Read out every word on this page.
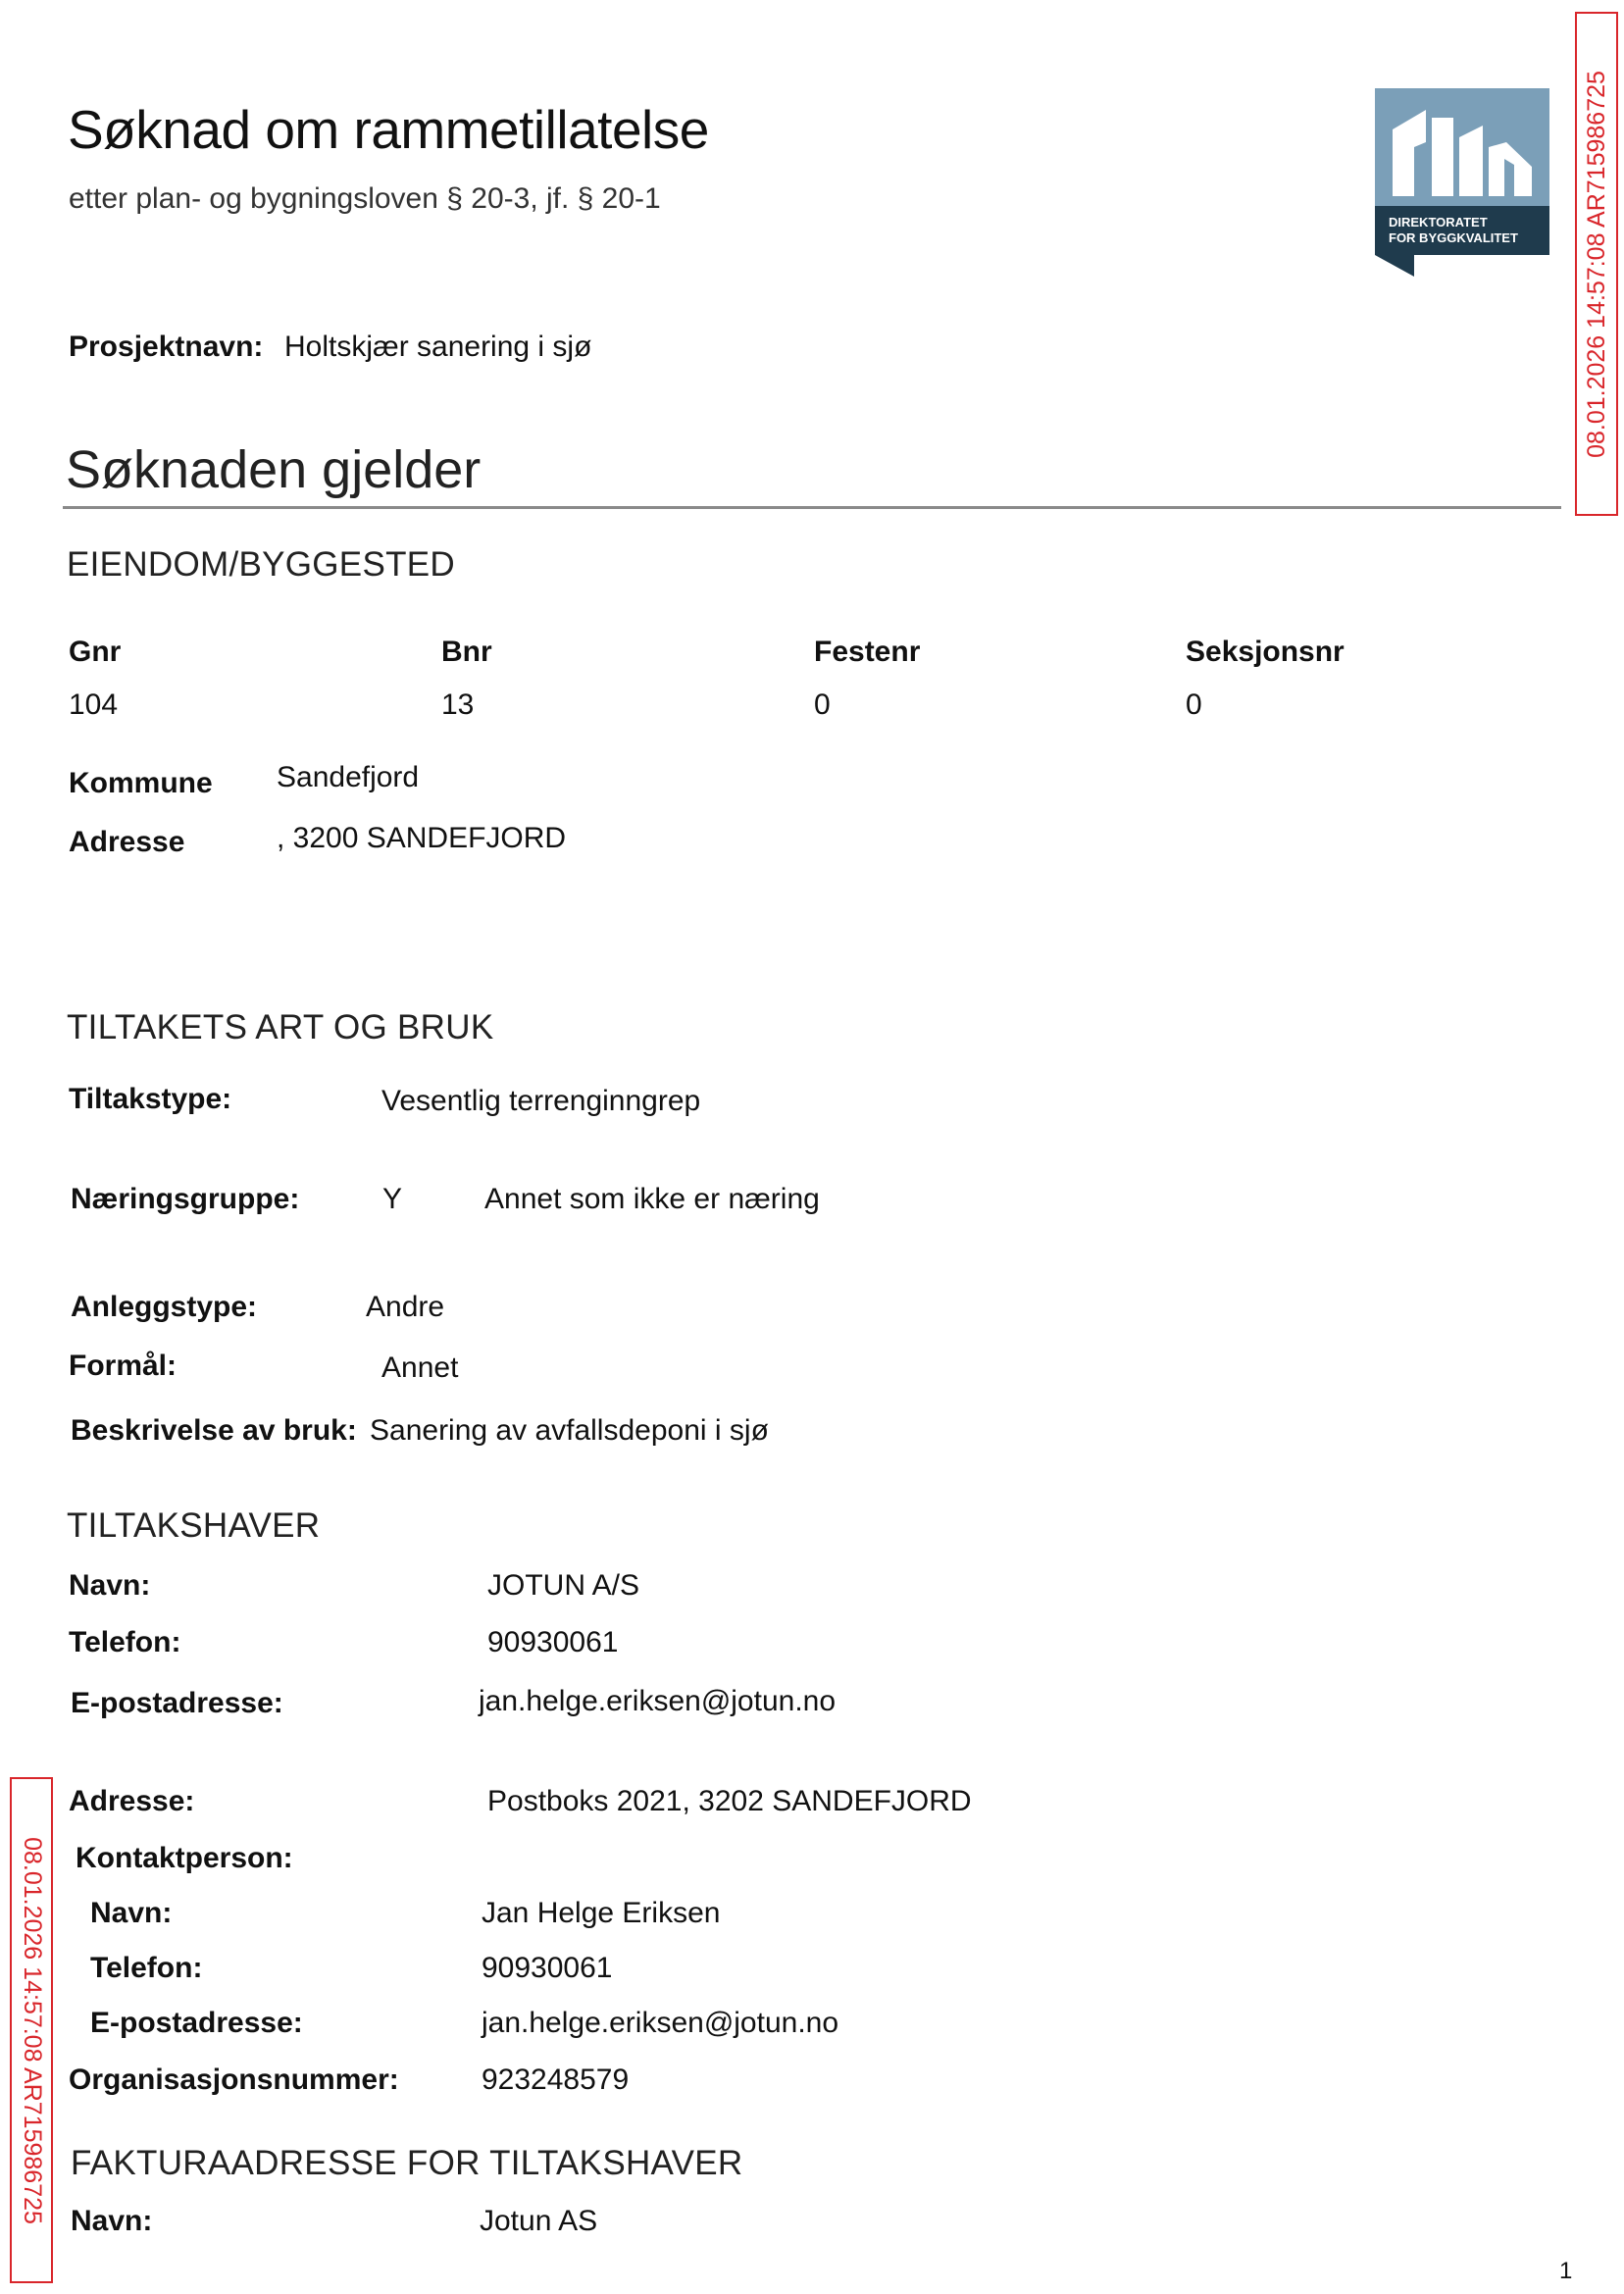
Søknad om rammetillatelse
etter plan- og bygningsloven § 20-3, jf. § 20-1
DIREKTORATET
FOR BYGGKVALITET	08.01.2026 14:57:08 AR715986725
Prosjektnavn: Holtskjær sanering i sjø
Søknaden gjelder
EIENDOM/BYGGESTED
Gnr	Bnr	Festenr	Seksjonsnr
104	13	0	0
Kommune Sandefjord
Adresse	, 3200 SANDEFJORD
TILTAKETS ART OG BRUK
Tiltakstype:	Vesentlig terrenginngrep
Næringsgruppe:	Y	Annet som ikke er næring
Anleggstype:	Andre
Formål:	Annet
Beskrivelse av bruk: Sanering av avfallsdeponi i sjø
TILTAKSHAVER
Navn:	JOTUN A/S
Telefon:	90930061
E-postadresse:	jan.helge.eriksen@jotun.no
08.01.2026 14:57:08 AR715986725
Adresse:	Postboks 2021, 3202 SANDEFJORD
Kontaktperson:
Navn:	Jan Helge Eriksen
Telefon:	90930061
E-postadresse:	jan.helge.eriksen@jotun.no
Organisasjonsnummer:	923248579
FAKTURAADRESSE FOR TILTAKSHAVER
Navn:	Jotun AS
1
